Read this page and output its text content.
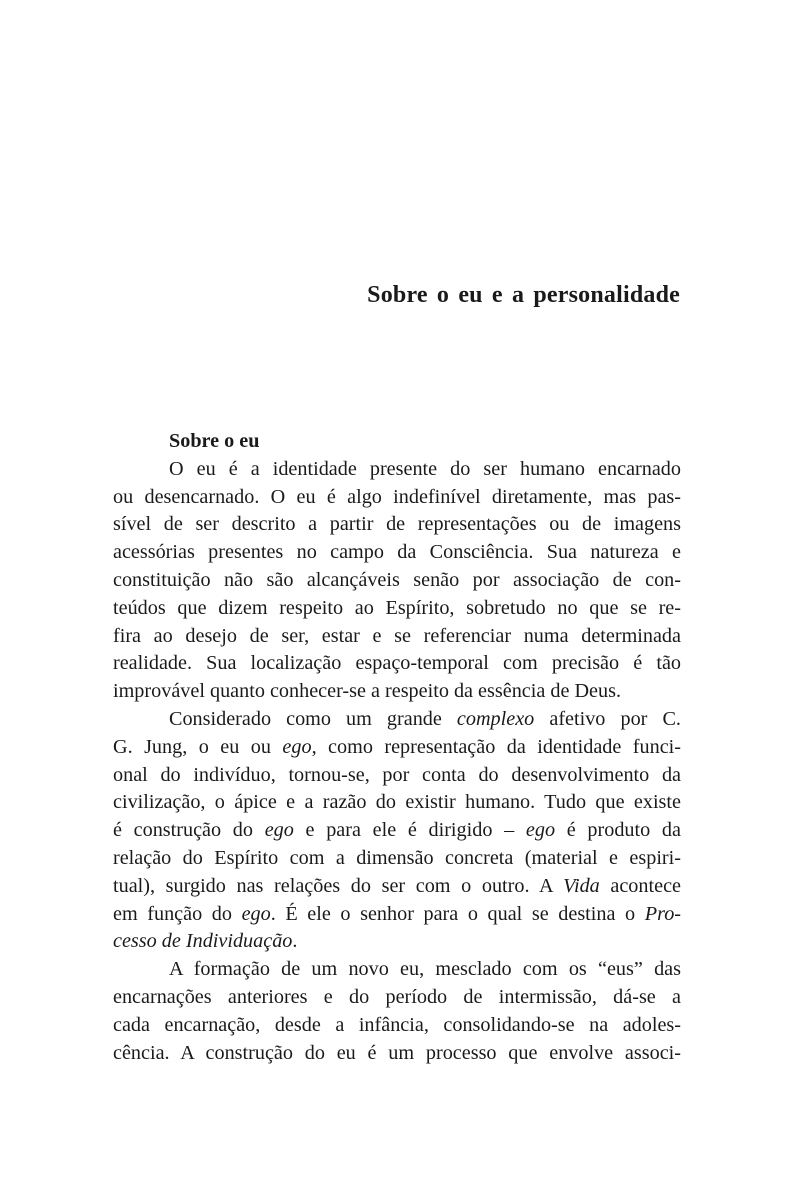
Sobre o eu e a personalidade
Sobre o eu
O eu é a identidade presente do ser humano encarnado
ou desencarnado. O eu é algo indefinível diretamente, mas pas-
sível de ser descrito a partir de representações ou de imagens
acessórias presentes no campo da Consciência. Sua natureza e
constituição não são alcançáveis senão por associação de con-
teúdos que dizem respeito ao Espírito, sobretudo no que se re-
fira ao desejo de ser, estar e se referenciar numa determinada
realidade. Sua localização espaço-temporal com precisão é tão
improvável quanto conhecer-se a respeito da essência de Deus.
Considerado como um grande complexo afetivo por C.
G. Jung, o eu ou ego, como representação da identidade funci-
onal do indivíduo, tornou-se, por conta do desenvolvimento da
civilização, o ápice e a razão do existir humano. Tudo que existe
é construção do ego e para ele é dirigido – ego é produto da
relação do Espírito com a dimensão concreta (material e espiri-
tual), surgido nas relações do ser com o outro. A Vida acontece
em função do ego. É ele o senhor para o qual se destina o Pro-
cesso de Individuação.
A formação de um novo eu, mesclado com os “eus” das
encarnações anteriores e do período de intermissão, dá-se a
cada encarnação, desde a infância, consolidando-se na adoles-
cência. A construção do eu é um processo que envolve associ-
